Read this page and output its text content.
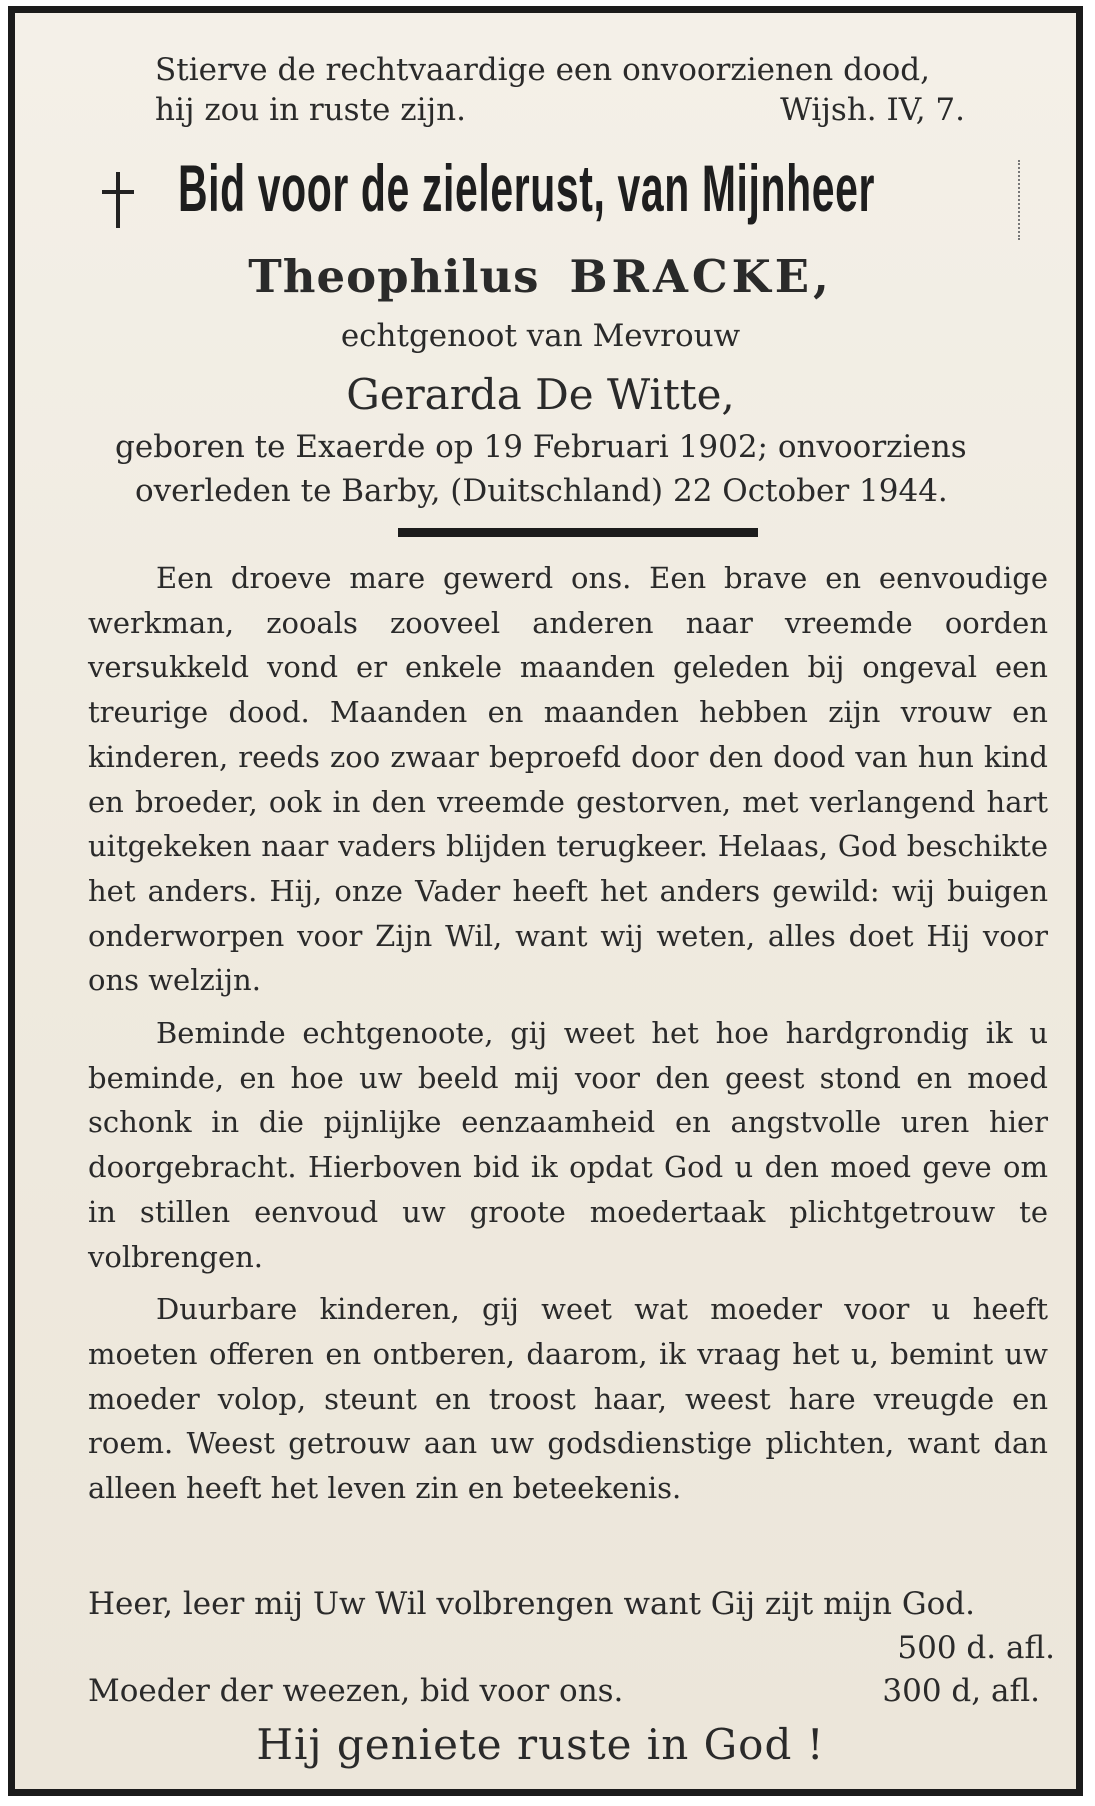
Stierve de rechtvaardige een onvoorzienen dood,
hij zou in ruste zijn.	Wijsh. IV, 7.
Bid voor de zielerust, van Mijnheer
Theophilus BRACKE,
echtgenoot van Mevrouw
Gerarda De Witte,
geboren te Exaerde op 19 Februari 1902; onvoorziens
overleden te Barby, (Duitschland) 22 October 1944.

Een droeve mare gewerd ons. Een brave en eenvoudige werkman, zooals zooveel anderen naar vreemde oorden versukkeld vond er enkele maanden geleden bij ongeval een treurige dood. Maanden en maanden hebben zijn vrouw en kinderen, reeds zoo zwaar beproefd door den dood van hun kind en broeder, ook in den vreemde gestorven, met verlangend hart uitgekeken naar vaders blijden terugkeer. Helaas, God beschikte het anders. Hij, onze Vader heeft het anders gewild: wij buigen onderworpen voor Zijn Wil, want wij weten, alles doet Hij voor ons welzijn.

Beminde echtgenoote, gij weet het hoe hardgrondig ik u beminde, en hoe uw beeld mij voor den geest stond en moed schonk in die pijnlijke eenzaamheid en angstvolle uren hier doorgebracht. Hierboven bid ik opdat God u den moed geve om in stillen eenvoud uw groote moedertaak plichtgetrouw te volbrengen.

Duurbare kinderen, gij weet wat moeder voor u heeft moeten offeren en ontberen, daarom, ik vraag het u, bemint uw moeder volop, steunt en troost haar, weest hare vreugde en roem. Weest getrouw aan uw godsdienstige plichten, want dan alleen heeft het leven zin en beteekenis.

Heer, leer mij Uw Wil volbrengen want Gij zijt mijn God.
500 d. afl.
Moeder der weezen, bid voor ons.	300 d, afl.
Hij geniete ruste in God !
